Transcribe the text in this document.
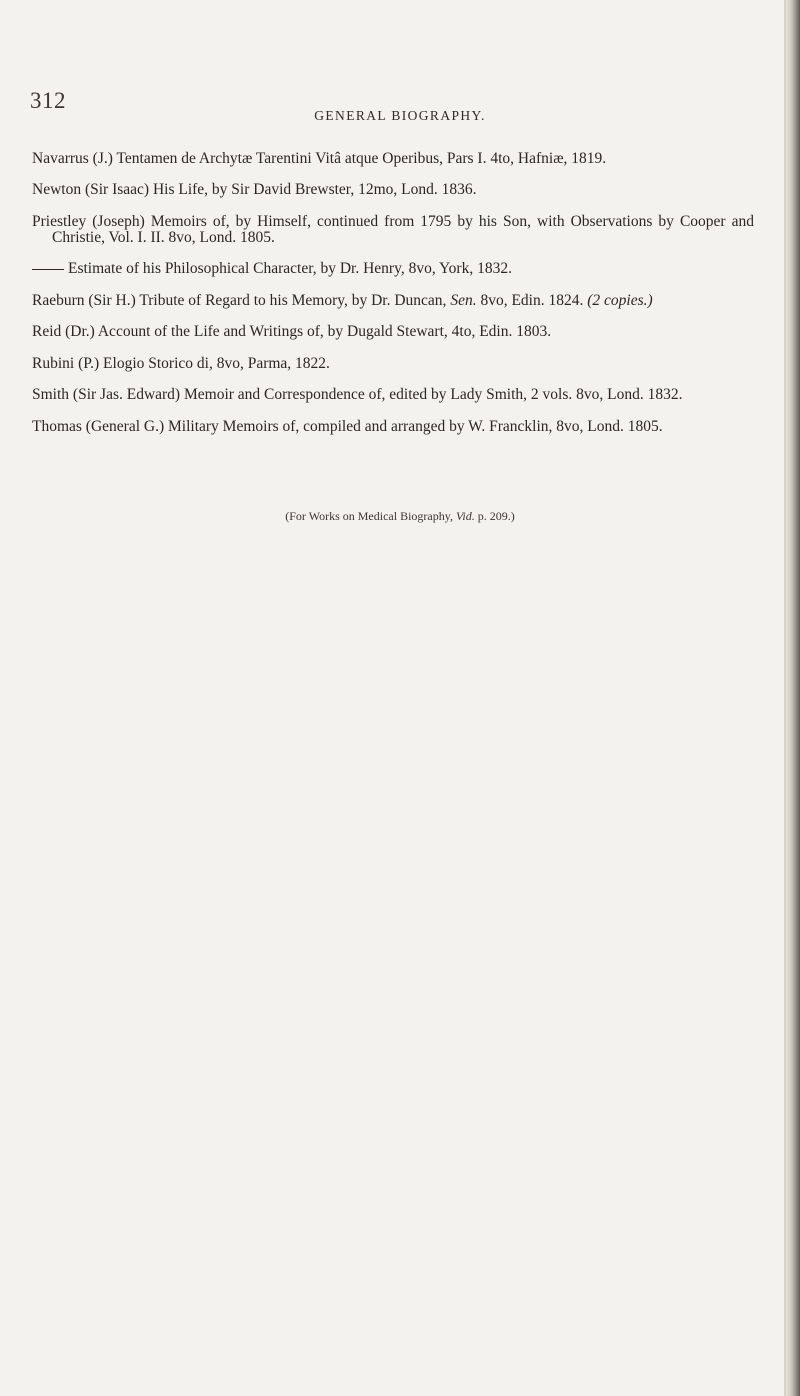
312
GENERAL BIOGRAPHY.

Navarrus (J.) Tentamen de Archytæ Tarentini Vitâ atque Operibus, Pars I. 4to, Hafniæ, 1819.

Newton (Sir Isaac) His Life, by Sir David Brewster, 12mo, Lond. 1836.

Priestley (Joseph) Memoirs of, by Himself, continued from 1795 by his Son, with Observations by Cooper and Christie, Vol. I. II. 8vo, Lond. 1805.

Estimate of his Philosophical Character, by Dr. Henry, 8vo, York, 1832.

Raeburn (Sir H.) Tribute of Regard to his Memory, by Dr. Duncan, Sen. 8vo, Edin. 1824. (2 copies.)

Reid (Dr.) Account of the Life and Writings of, by Dugald Stewart, 4to, Edin. 1803.

Rubini (P.) Elogio Storico di, 8vo, Parma, 1822.

Smith (Sir Jas. Edward) Memoir and Correspondence of, edited by Lady Smith, 2 vols. 8vo, Lond. 1832.

Thomas (General G.) Military Memoirs of, compiled and arranged by W. Francklin, 8vo, Lond. 1805.

(For Works on Medical Biography, Vid. p. 209.)
